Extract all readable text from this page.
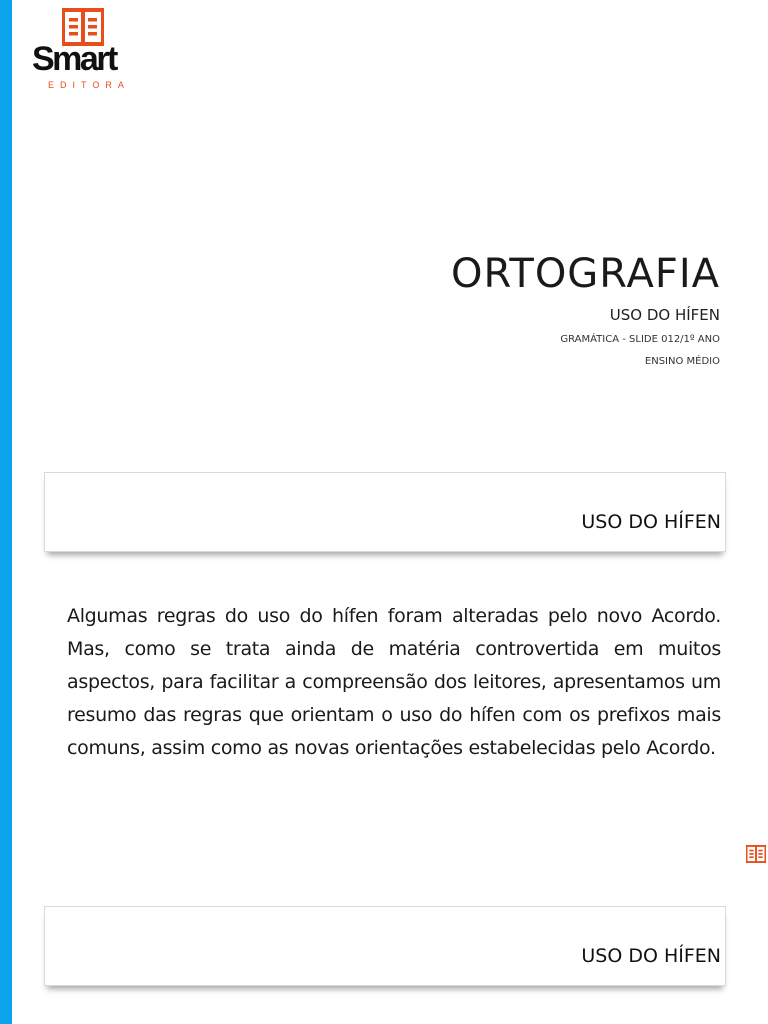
Smart
EDITORA
ORTOGRAFIA
USO DO HÍFEN
GRAMÁTICA - SLIDE 012/1º ANO
ENSINO MÉDIO
USO DO HÍFEN

Algumas regras do uso do hífen foram alteradas pelo novo Acordo. Mas, como se trata ainda de matéria controvertida em muitos aspectos, para facilitar a compreensão dos leitores, apresentamos um resumo das regras que orientam o uso do hífen com os prefixos mais comuns, assim como as novas orientações estabelecidas pelo Acordo.

USO DO HÍFEN
